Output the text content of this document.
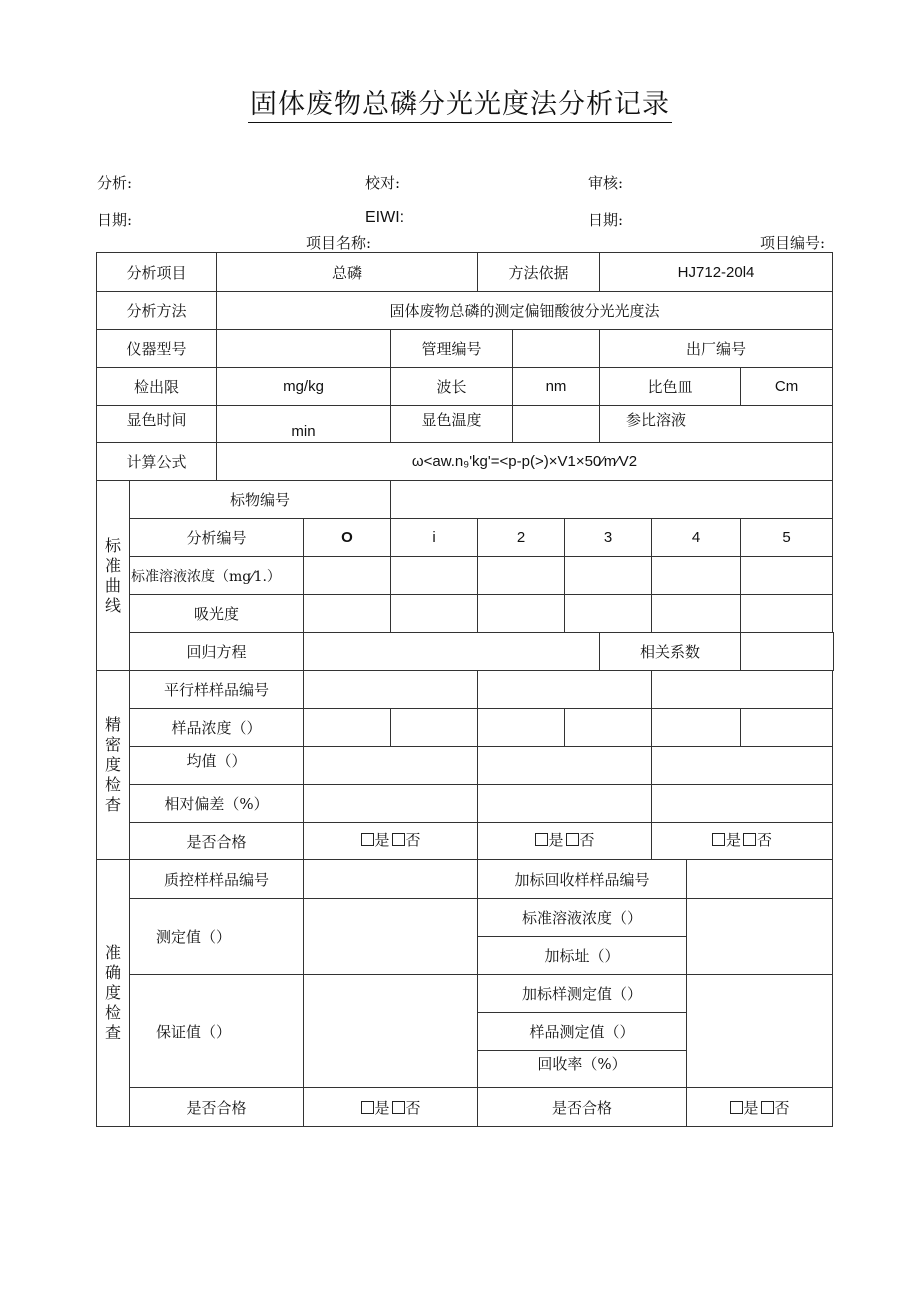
固体废物总磷分光光度法分析记录
分析:	校对:	审核:
日期:	EIWI:	日期:
项目名称:	项目编号:
分析项目		总磷			方法依据			HJ712-20l4			
分析方法		固体废物总磷的测定偏钿酸彼分光光度法									
仪器型号				管理编号				出厂编号			
检出限		mg/kg		波长		nm		比色皿			Cm
显色时间		min		显色温度				参比溶液			
计算公式		ω<aw.n₉'kg'=<p-p(>)×V1×50⁄m⁄V2									

标
准
曲
线	标物编号										
	分析编号		O	i	2		3		4		5
	标准溶液浓度（mg⁄1.）										
	吸光度										
	回归方程							相关系数			

精
密
度
检
杳	平行样样品编号										
	样品浓度（）										
	均值（）										
	相对偏差（%）										
	是否合格		是 否		是 否				是 否		

准
确
度
检
查	质控样样品编号				加标回收样样品编号						
	测定值（）				标准溶液浓度（）						
					加标址（）						
	保证值（）				加标样测定值（）						
					样品测定值（）						
					回收率（%）						
	是否合格		是 否		是否合格					是 否	
